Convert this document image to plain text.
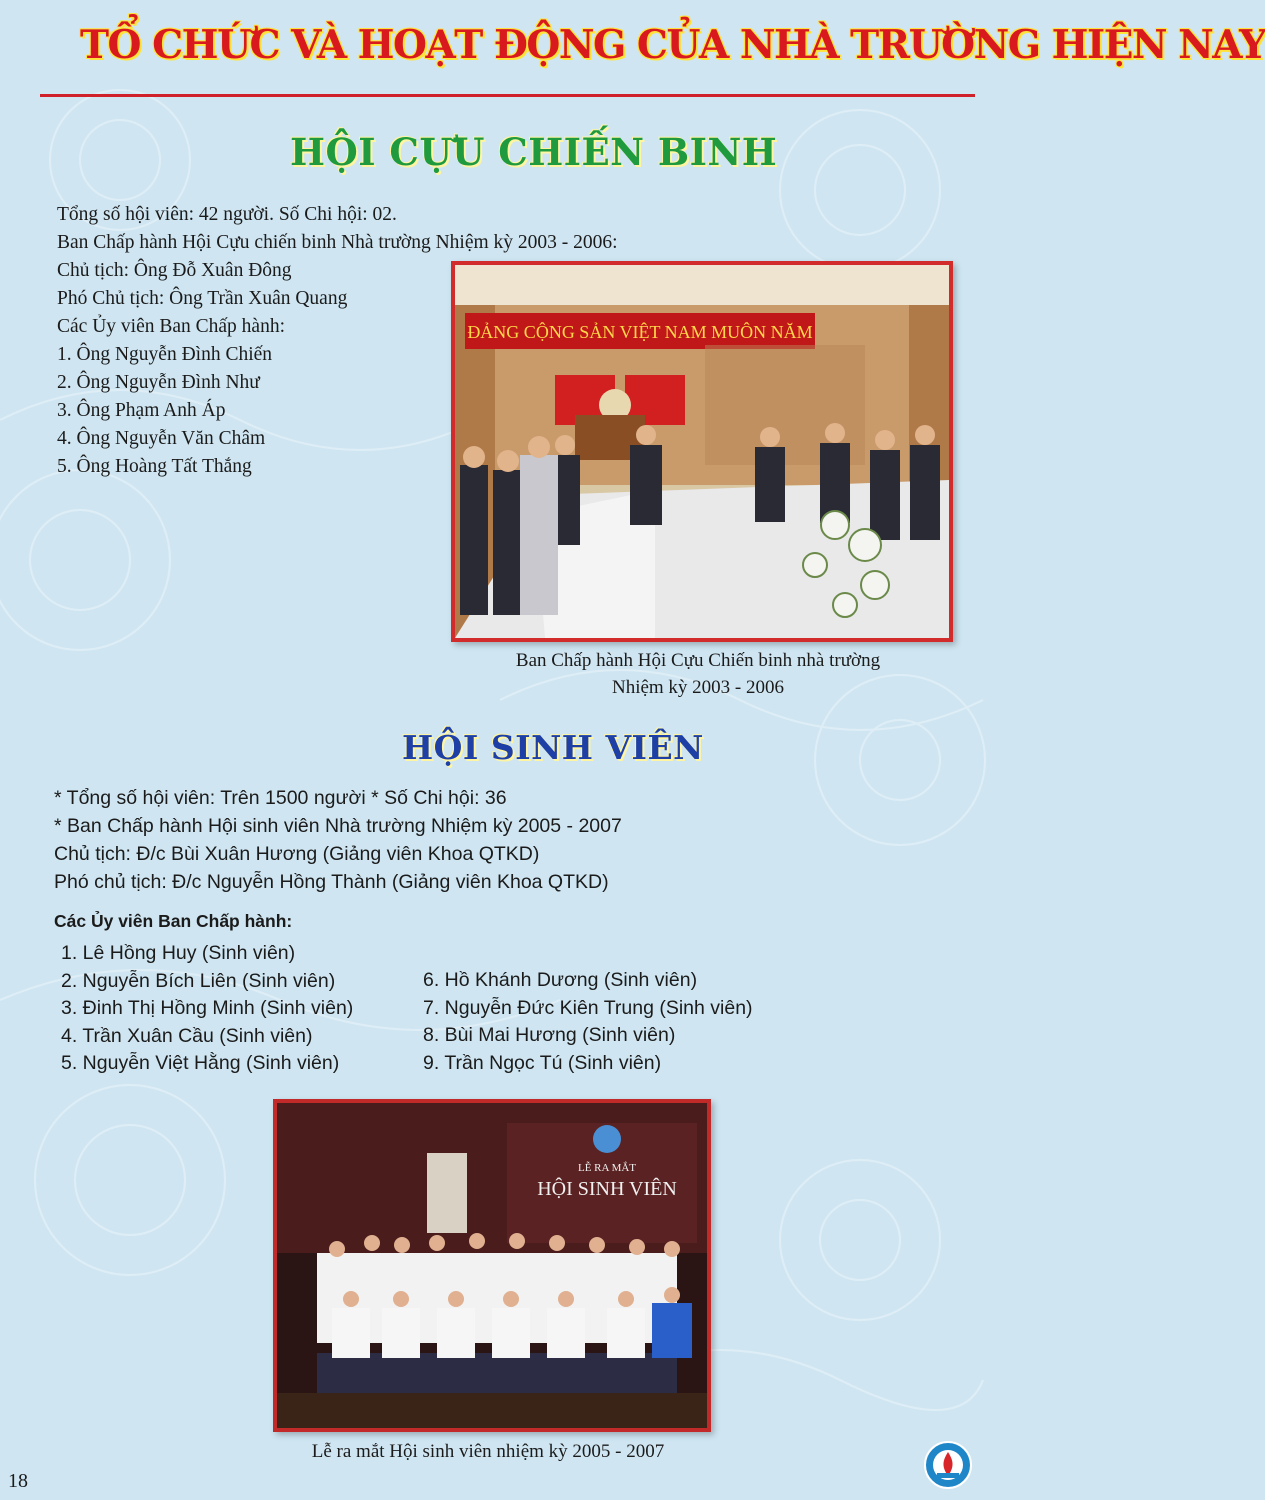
TỔ CHỨC VÀ HOẠT ĐỘNG CỦA NHÀ TRƯỜNG HIỆN NAY
HỘI CỰU CHIẾN BINH
Tổng số hội viên: 42 người. Số Chi hội: 02.
Ban Chấp hành Hội Cựu chiến binh Nhà trường Nhiệm kỳ 2003 - 2006:
Chủ tịch: Ông Đỗ Xuân Đông
Phó Chủ tịch: Ông Trần Xuân Quang
Các Ủy viên Ban Chấp hành:
1. Ông Nguyễn Đình Chiến
2. Ông Nguyễn Đình Như
3. Ông Phạm Anh Áp
4. Ông Nguyễn Văn Châm
5. Ông Hoàng Tất Thắng
ĐẢNG CỘNG SẢN VIỆT NAM MUÔN NĂM
Ban Chấp hành Hội Cựu Chiến binh nhà trường
Nhiệm kỳ 2003 - 2006
HỘI SINH VIÊN
* Tổng số hội viên: Trên 1500 người * Số Chi hội: 36
* Ban Chấp hành Hội sinh viên Nhà trường Nhiệm kỳ 2005 - 2007
Chủ tịch: Đ/c Bùi Xuân Hương (Giảng viên Khoa QTKD)
Phó chủ tịch: Đ/c Nguyễn Hồng Thành (Giảng viên Khoa QTKD)
Các Ủy viên Ban Chấp hành:
1. Lê Hồng Huy (Sinh viên)
2. Nguyễn Bích Liên (Sinh viên)
3. Đinh Thị Hồng Minh (Sinh viên)
4. Trần Xuân Cầu (Sinh viên)
5. Nguyễn Việt Hằng (Sinh viên)
6. Hồ Khánh Dương (Sinh viên)
7. Nguyễn Đức Kiên Trung (Sinh viên)
8. Bùi Mai Hương (Sinh viên)
9. Trần Ngọc Tú (Sinh viên)
LỄ RA MẮT
HỘI SINH VIÊN
Lễ ra mắt Hội sinh viên nhiệm kỳ 2005 - 2007
18
